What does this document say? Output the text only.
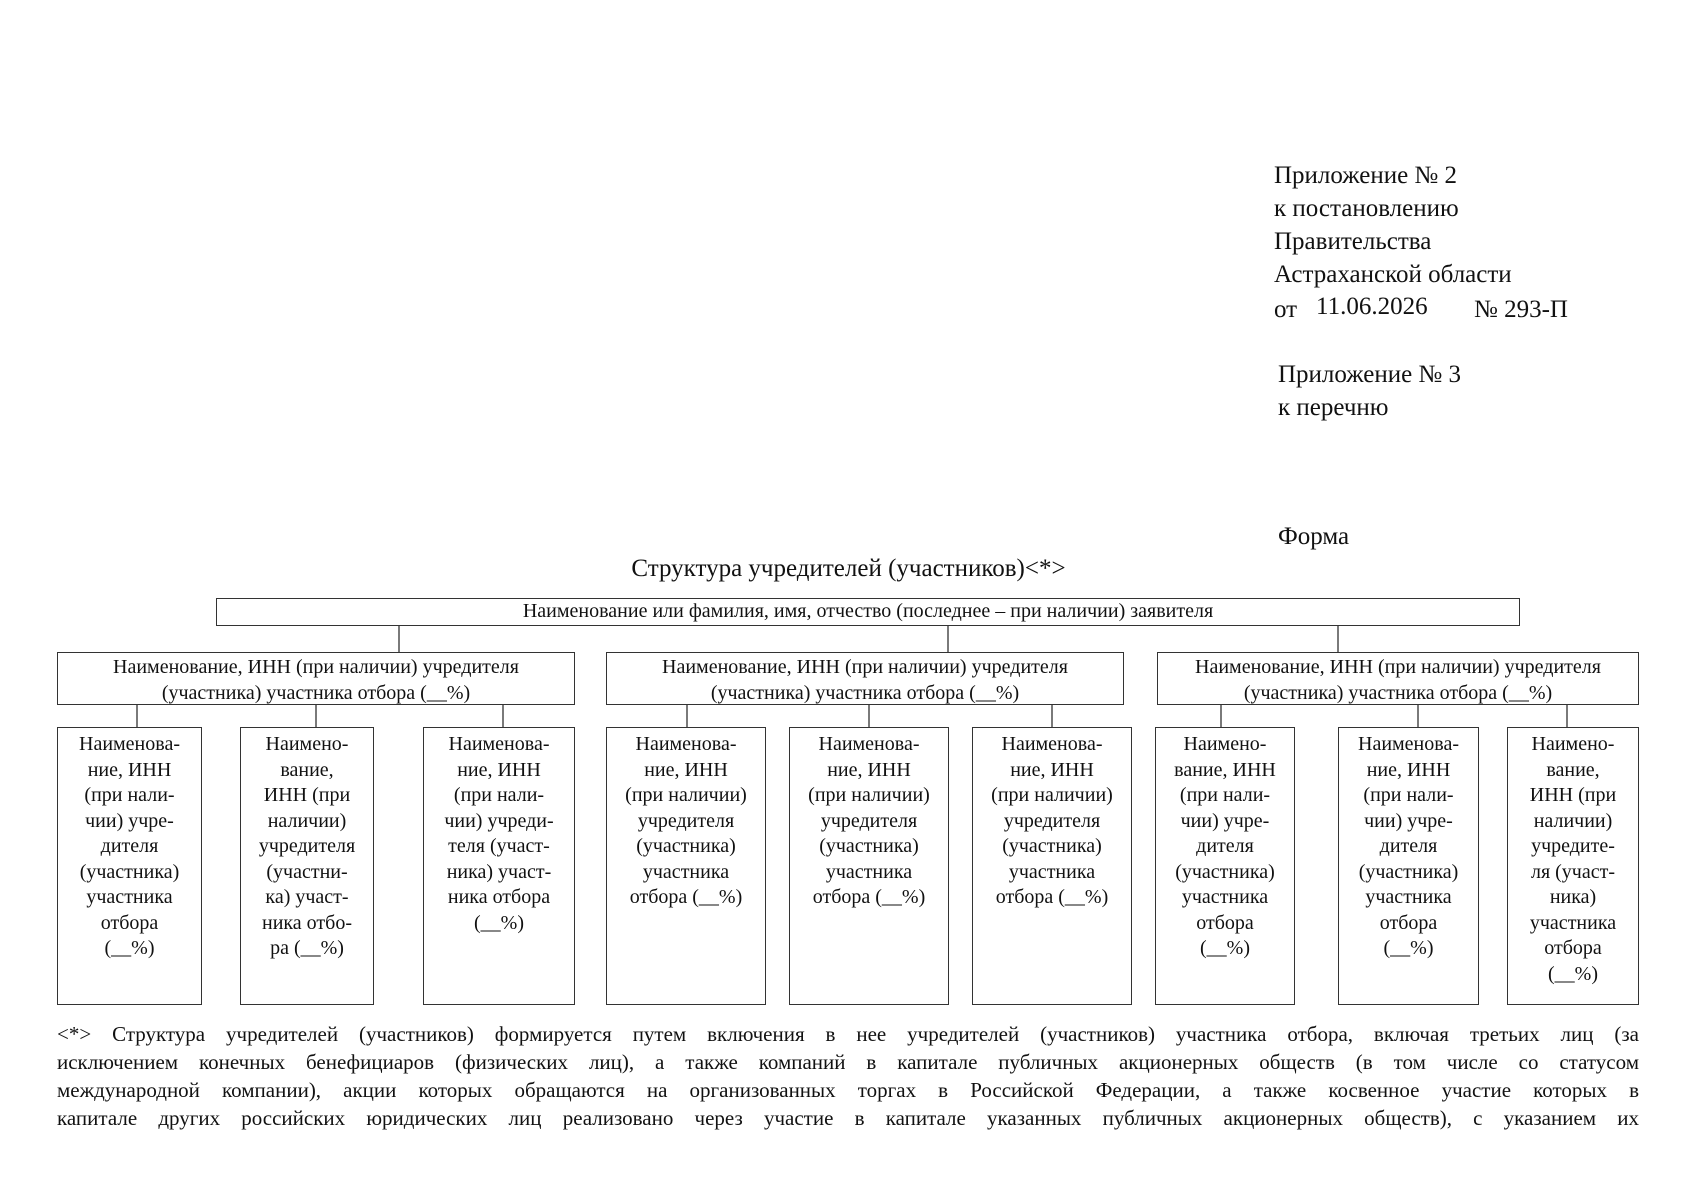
Приложение № 2
к постановлению
Правительства
Астраханской области
от 11.06.2026 № 293-П
Приложение № 3
к перечню
Форма
Структура учредителей (участников)<*>
Наименование или фамилия, имя, отчество (последнее – при наличии) заявителя
Наименование, ИНН (при наличии) учредителя
(участника) участника отбора (__%)
Наименование, ИНН (при наличии) учредителя
(участника) участника отбора (__%)
Наименование, ИНН (при наличии) учредителя
(участника) участника отбора (__%)
Наименова-
ние, ИНН
(при нали-
чии) учре-
дителя
(участника)
участника
отбора
(__%)
Наимено-
вание,
ИНН (при
наличии)
учредителя
(участни-
ка) участ-
ника отбо-
ра (__%)
Наименова-
ние, ИНН
(при нали-
чии) учреди-
теля (участ-
ника) участ-
ника отбора
(__%)
Наименова-
ние, ИНН
(при наличии)
учредителя
(участника)
участника
отбора (__%)
Наименова-
ние, ИНН
(при наличии)
учредителя
(участника)
участника
отбора (__%)
Наименова-
ние, ИНН
(при наличии)
учредителя
(участника)
участника
отбора (__%)
Наимено-
вание, ИНН
(при нали-
чии) учре-
дителя
(участника)
участника
отбора
(__%)
Наименова-
ние, ИНН
(при нали-
чии) учре-
дителя
(участника)
участника
отбора
(__%)
Наимено-
вание,
ИНН (при
наличии)
учредите-
ля (участ-
ника)
участника
отбора
(__%)
<*> Структура учредителей (участников) формируется путем включения в нее учредителей (участников) участника отбора, включая третьих лиц (за
исключением конечных бенефициаров (физических лиц), а также компаний в капитале публичных акционерных обществ (в том числе со статусом
международной компании), акции которых обращаются на организованных торгах в Российской Федерации, а также косвенное участие которых в
капитале других российских юридических лиц реализовано через участие в капитале указанных публичных акционерных обществ), с указанием их
